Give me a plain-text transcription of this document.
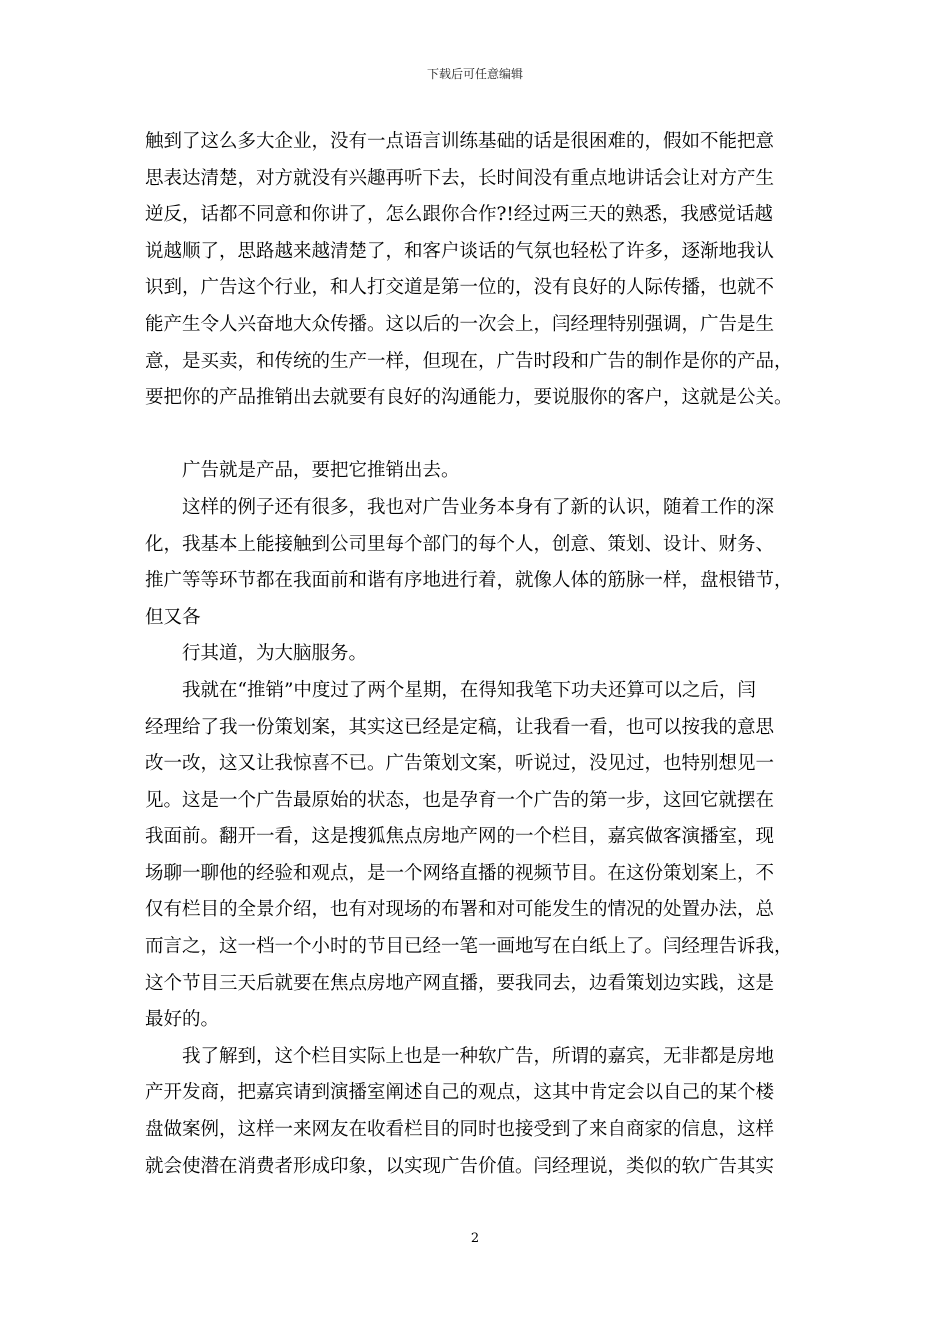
下载后可任意编辑
触到了这么多大企业，没有一点语言训练基础的话是很困难的，假如不能把意
思表达清楚，对方就没有兴趣再听下去，长时间没有重点地讲话会让对方产生
逆反，话都不同意和你讲了，怎么跟你合作?!经过两三天的熟悉，我感觉话越
说越顺了，思路越来越清楚了，和客户谈话的气氛也轻松了许多，逐渐地我认
识到，广告这个行业，和人打交道是第一位的，没有良好的人际传播，也就不
能产生令人兴奋地大众传播。这以后的一次会上，闫经理特别强调，广告是生
意，是买卖，和传统的生产一样，但现在，广告时段和广告的制作是你的产品，
要把你的产品推销出去就要有良好的沟通能力，要说服你的客户，这就是公关。
广告就是产品，要把它推销出去。
这样的例子还有很多，我也对广告业务本身有了新的认识，随着工作的深
化，我基本上能接触到公司里每个部门的每个人，创意、策划、设计、财务、
推广等等环节都在我面前和谐有序地进行着，就像人体的筋脉一样，盘根错节，
但又各
行其道，为大脑服务。
我就在“推销”中度过了两个星期，在得知我笔下功夫还算可以之后，闫
经理给了我一份策划案，其实这已经是定稿，让我看一看，也可以按我的意思
改一改，这又让我惊喜不已。广告策划文案，听说过，没见过，也特别想见一
见。这是一个广告最原始的状态，也是孕育一个广告的第一步，这回它就摆在
我面前。翻开一看，这是搜狐焦点房地产网的一个栏目，嘉宾做客演播室，现
场聊一聊他的经验和观点，是一个网络直播的视频节目。在这份策划案上，不
仅有栏目的全景介绍，也有对现场的布署和对可能发生的情况的处置办法，总
而言之，这一档一个小时的节目已经一笔一画地写在白纸上了。闫经理告诉我，
这个节目三天后就要在焦点房地产网直播，要我同去，边看策划边实践，这是
最好的。
我了解到，这个栏目实际上也是一种软广告，所谓的嘉宾，无非都是房地
产开发商，把嘉宾请到演播室阐述自己的观点，这其中肯定会以自己的某个楼
盘做案例，这样一来网友在收看栏目的同时也接受到了来自商家的信息，这样
就会使潜在消费者形成印象，以实现广告价值。闫经理说，类似的软广告其实
2
